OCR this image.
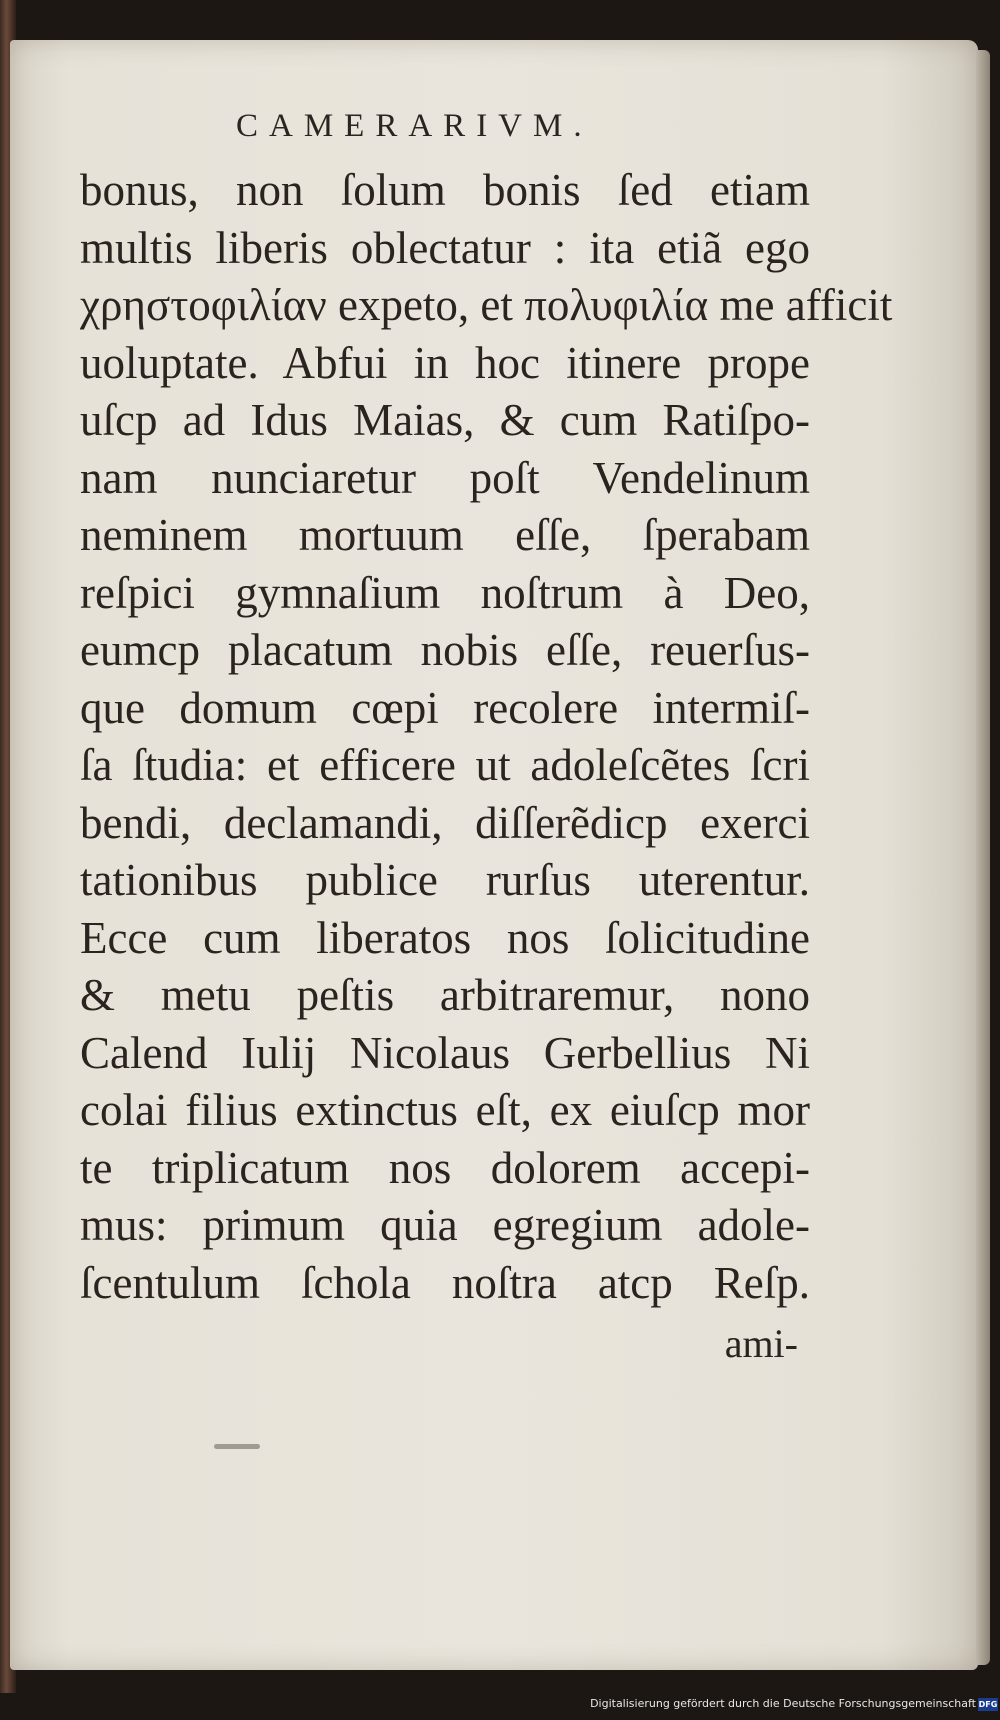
CAMERARIVM.
bonus, non ſolum bonis ſed etiam
multis liberis oblectatur : ita etiã ego
χρηστοφιλίαν expeto, et πολυφιλία me afficit
uoluptate. Abfui in hoc itinere prope
uſcp ad Idus Maias, & cum Ratiſpo-
nam nunciaretur poſt Vendelinum
neminem mortuum eſſe, ſperabam
reſpici gymnaſium noſtrum à Deo,
eumcp placatum nobis eſſe, reuerſus-
que domum cœpi recolere intermiſ-
ſa ſtudia: et efficere ut adoleſcẽtes ſcri
bendi, declamandi, diſſerẽdicp exerci
tationibus publice rurſus uterentur.
Ecce cum liberatos nos ſolicitudine
& metu peſtis arbitraremur, nono
Calend Iulij Nicolaus Gerbellius Ni
colai filius extinctus eſt, ex eiuſcp mor
te triplicatum nos dolorem accepi-
mus: primum quia egregium adole-
ſcentulum ſchola noſtra atcp Reſp.
ami-
Digitalisierung gefördert durch die Deutsche Forschungsgemeinschaft DFG
